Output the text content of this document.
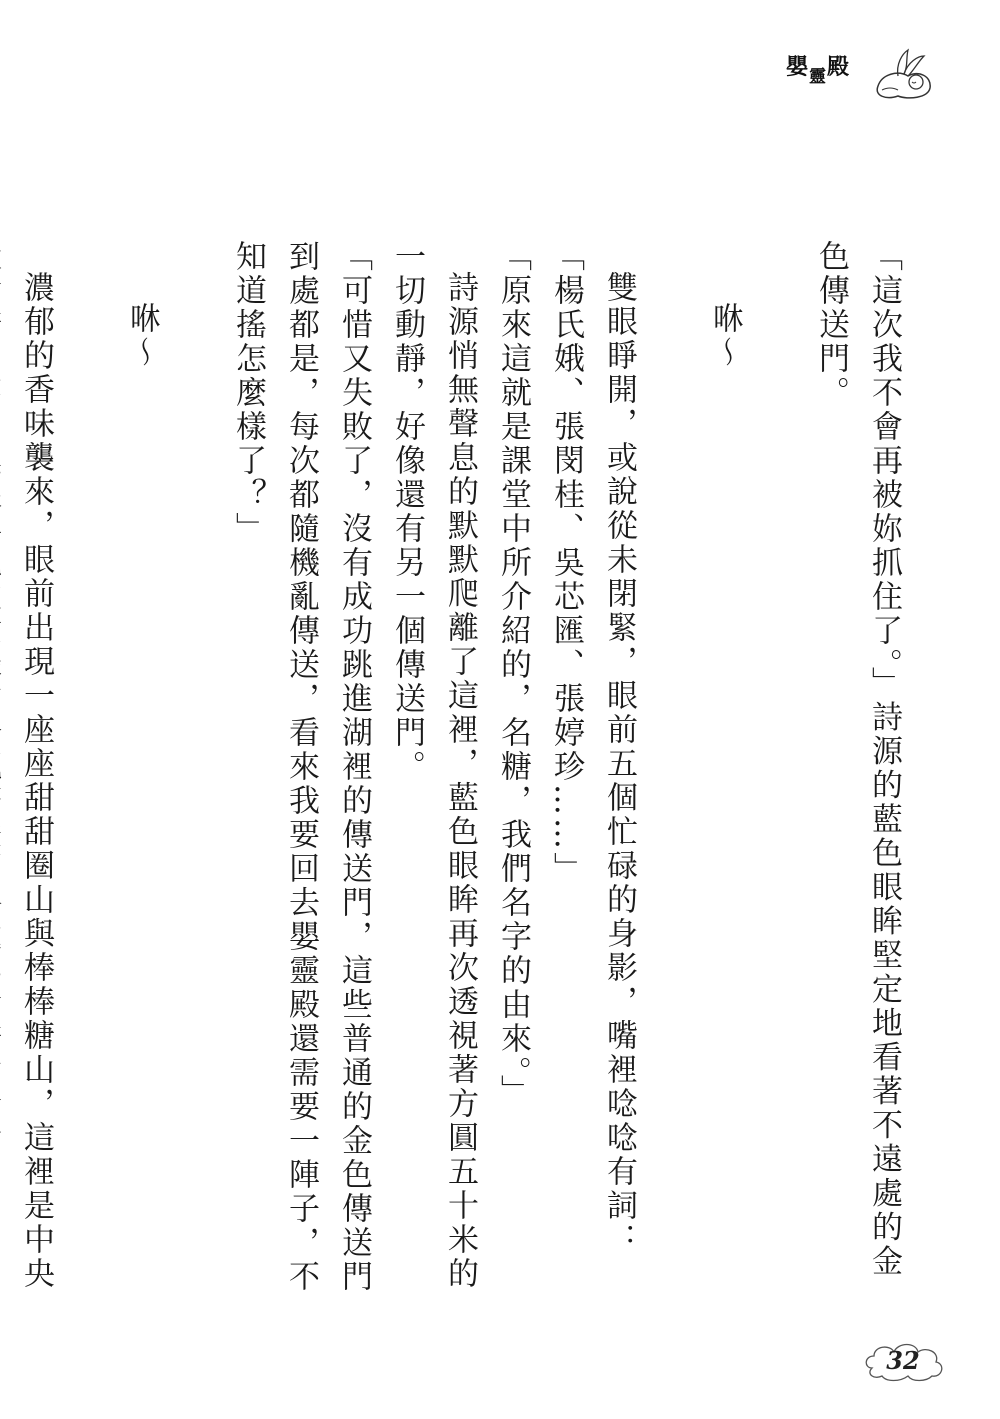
嬰$_靈$殿
「這次我不會再被妳抓住了。」詩源的藍色眼眸堅定地看著不遠處的金色傳送門。

咻～

雙眼睜開，或說從未閉緊，眼前五個忙碌的身影，嘴裡唸唸有詞：「楊氏娥、張閔桂、吳芯匯、張婷珍……」
「原來這就是課堂中所介紹的，名糖，我們名字的由來。」
詩源悄無聲息的默默爬離了這裡，藍色眼眸再次透視著方圓五十米的一切動靜，好像還有另一個傳送門。
「可惜又失敗了，沒有成功跳進湖裡的傳送門，這些普通的金色傳送門到處都是，每次都隨機亂傳送，看來我要回去嬰靈殿還需要一陣子，不知道搖怎麼樣了？」

咻～

濃郁的香味襲來，眼前出現一座座甜甜圈山與棒棒糖山，這裡是中央
32
